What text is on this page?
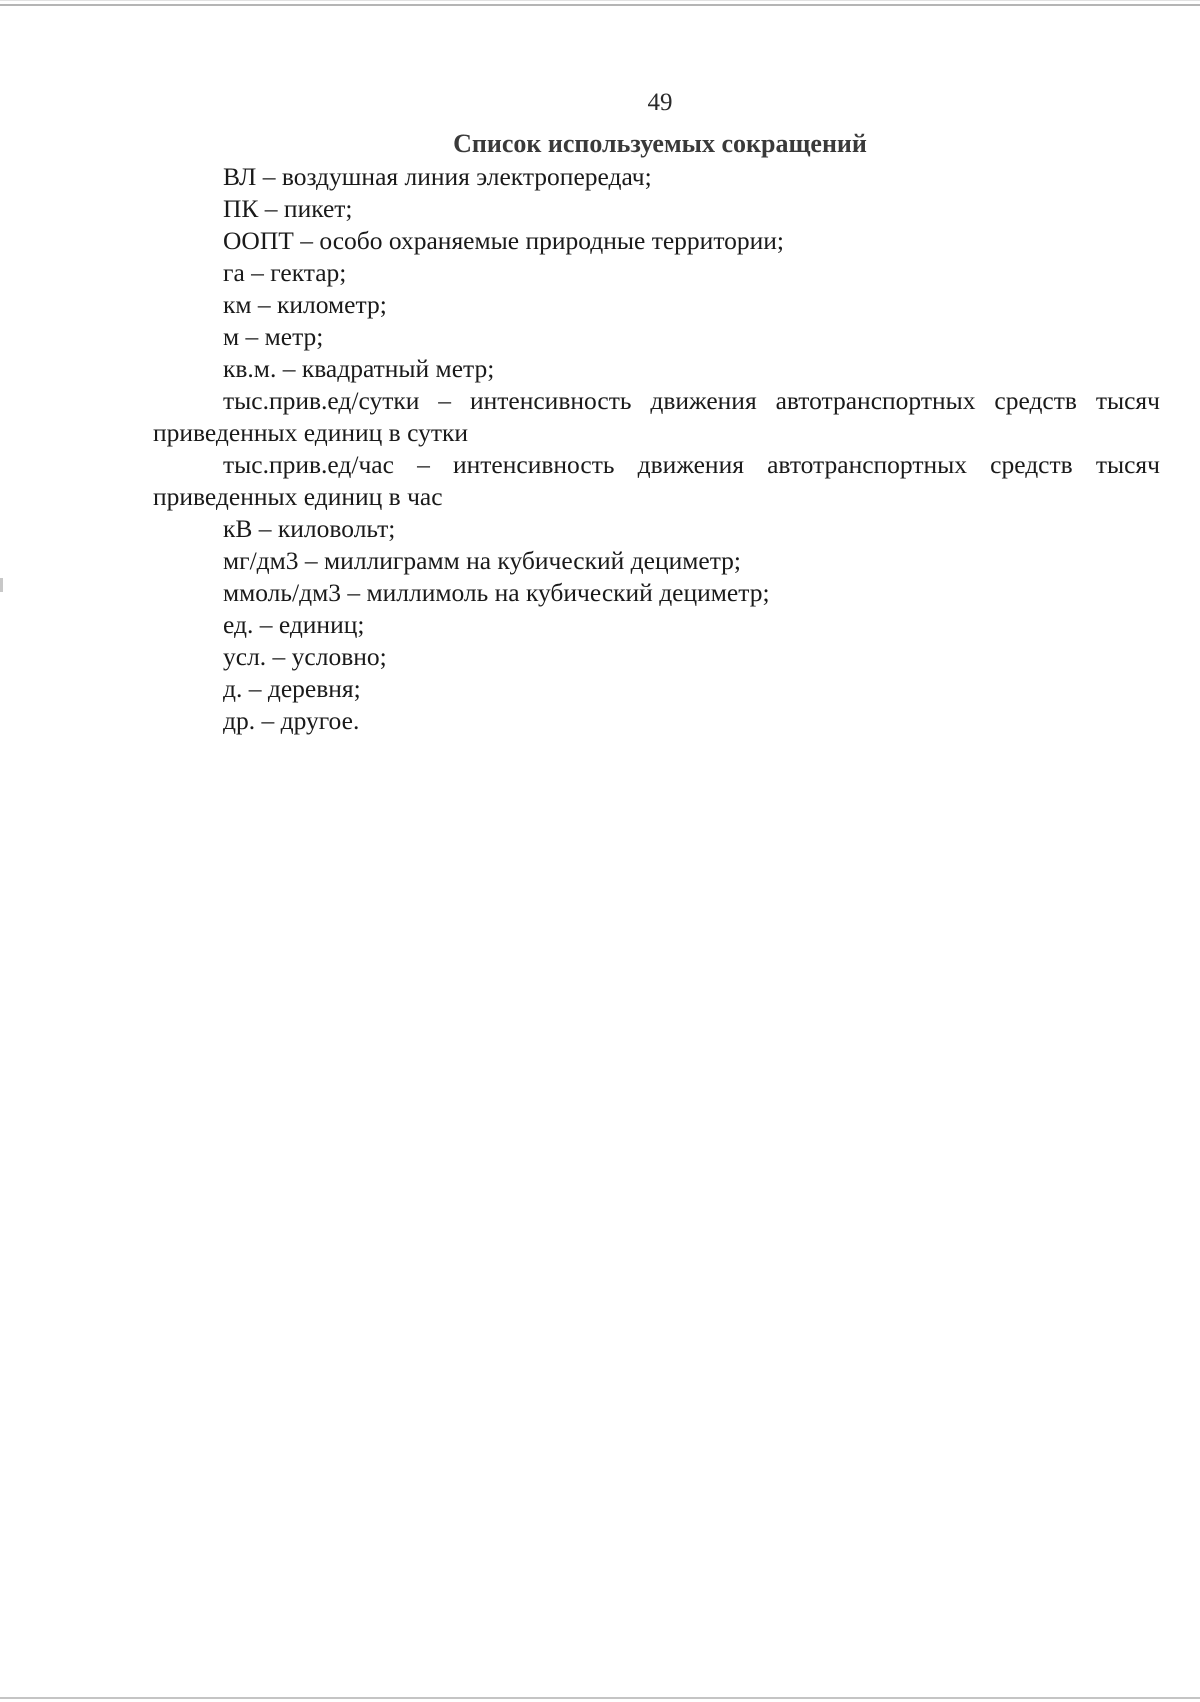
49
Список используемых сокращений
ВЛ – воздушная линия электропередач;
ПК – пикет;
ООПТ – особо охраняемые природные территории;
га – гектар;
км – километр;
м – метр;
кв.м. – квадратный метр;
тыс.прив.ед/сутки – интенсивность движения автотранспортных средств тысяч приведенных единиц в сутки
тыс.прив.ед/час – интенсивность движения автотранспортных средств тысяч приведенных единиц в час
кВ – киловольт;
мг/дм3 – миллиграмм на кубический дециметр;
ммоль/дм3 – миллимоль на кубический дециметр;
ед. – единиц;
усл. – условно;
д. – деревня;
др. – другое.
